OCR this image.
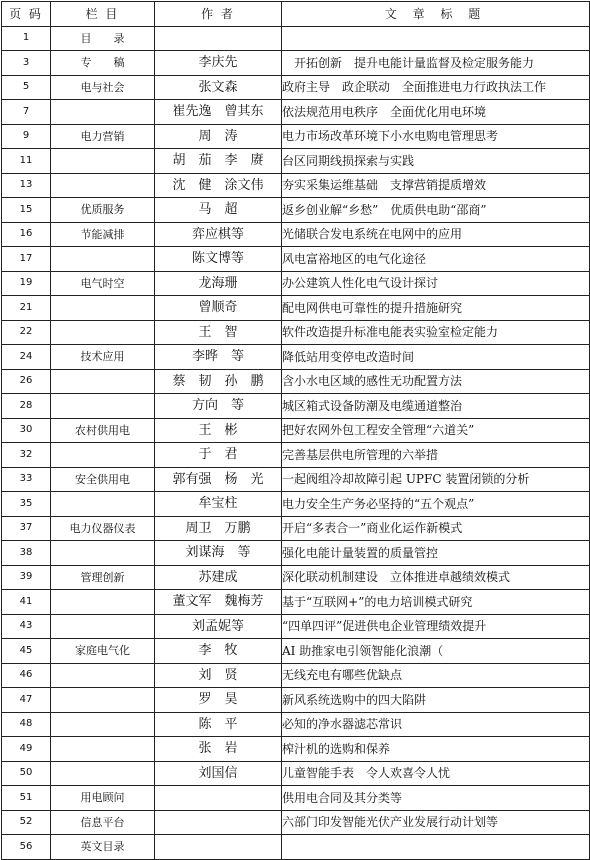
页 码	栏 目	作 者	文 章 标 题
1	目　　录		
3	专　　稿	李庆先	　开拓创新　提升电能计量监督及检定服务能力
5	电与社会	张文森	政府主导　政企联动　全面推进电力行政执法工作
7		崔先逸　曾其东	依法规范用电秩序　全面优化用电环境
9	电力营销	周　涛	电力市场改革环境下小水电购电管理思考
11		胡　茄　李　赓	台区同期线损探索与实践
13		沈　健　涂文伟	夯实采集运维基础　支撑营销提质增效
15	优质服务	马　超	返乡创业解“乡愁”　优质供电助“邵商”
16	节能减排	弈应棋等	光储联合发电系统在电网中的应用
17		陈文博等	风电富裕地区的电气化途径
19	电气时空	龙海珊	办公建筑人性化电气设计探讨
21		曾顺奇	配电网供电可靠性的提升措施研究
22		王　智	软件改造提升标准电能表实验室检定能力
24	技术应用	李晔　等	降低站用变停电改造时间
26		蔡　韧　孙　鹏	含小水电区域的感性无功配置方法
28		方向　等	城区箱式设备防潮及电缆通道整治
30	农村供用电	王　彬	把好农网外包工程安全管理“六道关”
32		于　君	完善基层供电所管理的六举措
33	安全供用电	郭有强　杨　光	一起阀组冷却故障引起 UPFC 装置闭锁的分析
35		牟宝柱	电力安全生产务必坚持的“五个观点”
37	电力仪器仪表	周卫　万鹏	开启“多表合一”商业化运作新模式
38		刘谋海　等	强化电能计量装置的质量管控
39	管理创新	苏建成	深化联动机制建设　立体推进卓越绩效模式
41		董文军　魏梅芳	基于“互联网+”的电力培训模式研究
43		刘孟妮等	“四单四评”促进供电企业管理绩效提升
45	家庭电气化	李　牧	AI 助推家电引领智能化浪潮（
46		刘　贤	无线充电有哪些优缺点
47		罗　昊	新风系统选购中的四大陷阱
48		陈　平	必知的净水器滤芯常识
49		张　岩	榨汁机的选购和保养
50		刘国信	儿童智能手表　令人欢喜令人忧
51	用电顾问		供用电合同及其分类等
52	信息平台		六部门印发智能光伏产业发展行动计划等
56	英文目录		
